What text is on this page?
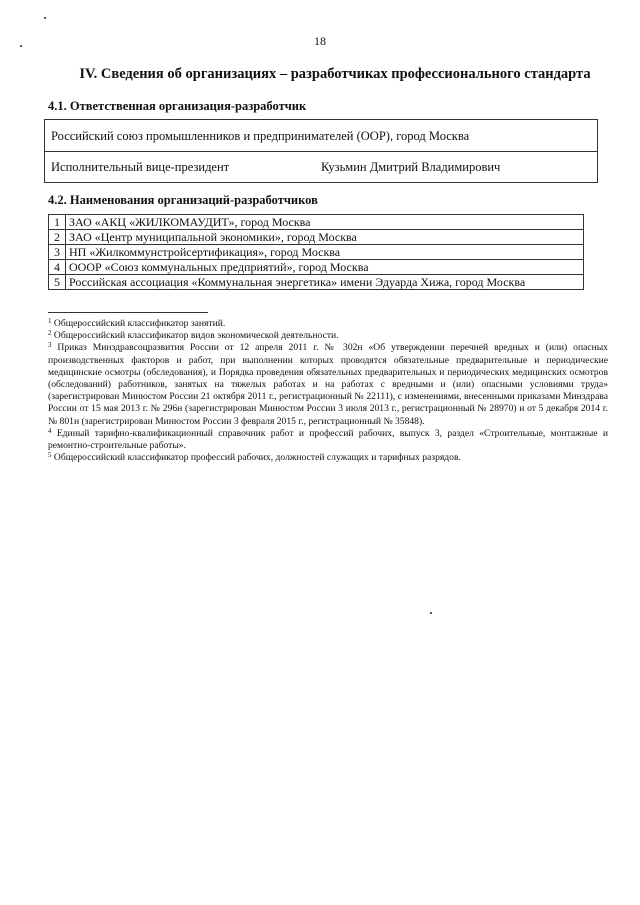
18
IV. Сведения об организациях – разработчиках профессионального стандарта
4.1. Ответственная организация-разработчик
Российский союз промышленников и предпринимателей (ООР), город Москва
Исполнительный вице-президент	Кузьмин Дмитрий Владимирович
4.2. Наименования организаций-разработчиков
1	ЗАО «АКЦ «ЖИЛКОМАУДИТ», город Москва
2	ЗАО «Центр муниципальной экономики», город Москва
3	НП «Жилкоммунстройсертификация», город Москва
4	ОООР «Союз коммунальных предприятий», город Москва
5	Российская ассоциация «Коммунальная энергетика» имени Эдуарда Хижа, город Москва

$^1$ Общероссийский классификатор занятий.

$^2$ Общероссийский классификатор видов экономической деятельности.

$^3$ Приказ Минздравсоцразвития России от 12 апреля 2011 г. № 302н «Об утверждении перечней вредных и (или) опасных производственных факторов и работ, при выполнении которых проводятся обязательные предварительные и периодические медицинские осмотры (обследования), и Порядка проведения обязательных предварительных и периодических медицинских осмотров (обследований) работников, занятых на тяжелых работах и на работах с вредными и (или) опасными условиями труда» (зарегистрирован Минюстом России 21 октября 2011 г., регистрационный № 22111), с изменениями, внесенными приказами Минздрава России от 15 мая 2013 г. № 296н (зарегистрирован Минюстом России 3 июля 2013 г., регистрационный № 28970) и от 5 декабря 2014 г. № 801н (зарегистрирован Минюстом России 3 февраля 2015 г., регистрационный № 35848).

$^4$ Единый тарифно-квалификационный справочник работ и профессий рабочих, выпуск 3, раздел «Строительные, монтажные и ремонтно-строительные работы».

$^5$ Общероссийский классификатор профессий рабочих, должностей служащих и тарифных разрядов.
